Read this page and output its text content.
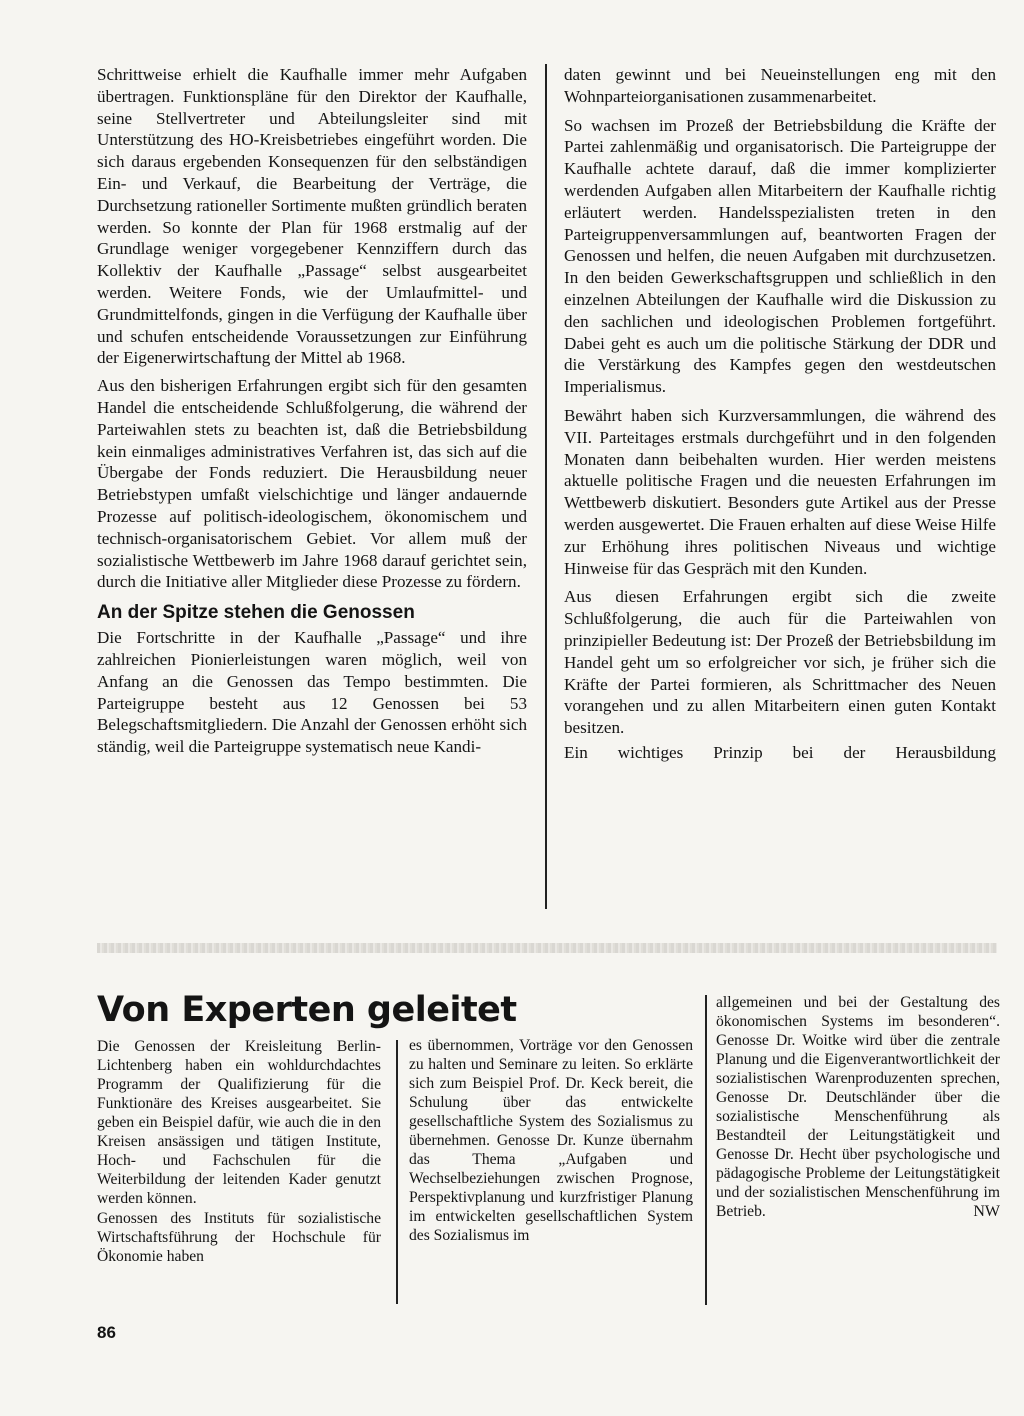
Schrittweise erhielt die Kaufhalle immer mehr Aufgaben übertragen. Funktionspläne für den Direktor der Kaufhalle, seine Stellvertreter und Abteilungsleiter sind mit Unterstützung des HO-Kreisbetriebes eingeführt worden. Die sich daraus ergebenden Konsequenzen für den selbständigen Ein- und Verkauf, die Bearbeitung der Verträge, die Durchsetzung rationeller Sortimente mußten gründlich beraten werden. So konnte der Plan für 1968 erstmalig auf der Grundlage weniger vorgegebener Kennziffern durch das Kollektiv der Kaufhalle „Passage“ selbst ausgearbeitet werden. Weitere Fonds, wie der Umlaufmittel- und Grundmittelfonds, gingen in die Verfügung der Kaufhalle über und schufen entscheidende Voraussetzungen zur Einführung der Eigenerwirtschaftung der Mittel ab 1968.

Aus den bisherigen Erfahrungen ergibt sich für den gesamten Handel die entscheidende Schlußfolgerung, die während der Parteiwahlen stets zu beachten ist, daß die Betriebsbildung kein einmaliges administratives Verfahren ist, das sich auf die Übergabe der Fonds reduziert. Die Herausbildung neuer Betriebstypen umfaßt vielschichtige und länger andauernde Prozesse auf politisch-ideologischem, ökonomischem und technisch-organisatorischem Gebiet. Vor allem muß der sozialistische Wettbewerb im Jahre 1968 darauf gerichtet sein, durch die Initiative aller Mitglieder diese Prozesse zu fördern.

An der Spitze stehen die Genossen

Die Fortschritte in der Kaufhalle „Passage“ und ihre zahlreichen Pionierleistungen waren möglich, weil von Anfang an die Genossen das Tempo bestimmten. Die Parteigruppe besteht aus 12 Genossen bei 53 Belegschaftsmitgliedern. Die Anzahl der Genossen erhöht sich ständig, weil die Parteigruppe systematisch neue Kandi-

daten gewinnt und bei Neueinstellungen eng mit den Wohnparteiorganisationen zusammenarbeitet.

So wachsen im Prozeß der Betriebsbildung die Kräfte der Partei zahlenmäßig und organisatorisch. Die Parteigruppe der Kaufhalle achtete darauf, daß die immer komplizierter werdenden Aufgaben allen Mitarbeitern der Kaufhalle richtig erläutert werden. Handelsspezialisten treten in den Parteigruppenversammlungen auf, beantworten Fragen der Genossen und helfen, die neuen Aufgaben mit durchzusetzen. In den beiden Gewerkschaftsgruppen und schließlich in den einzelnen Abteilungen der Kaufhalle wird die Diskussion zu den sachlichen und ideologischen Problemen fortgeführt. Dabei geht es auch um die politische Stärkung der DDR und die Verstärkung des Kampfes gegen den westdeutschen Imperialismus.

Bewährt haben sich Kurzversammlungen, die während des VII. Parteitages erstmals durchgeführt und in den folgenden Monaten dann beibehalten wurden. Hier werden meistens aktuelle politische Fragen und die neuesten Erfahrungen im Wettbewerb diskutiert. Besonders gute Artikel aus der Presse werden ausgewertet. Die Frauen erhalten auf diese Weise Hilfe zur Erhöhung ihres politischen Niveaus und wichtige Hinweise für das Gespräch mit den Kunden.

Aus diesen Erfahrungen ergibt sich die zweite Schlußfolgerung, die auch für die Parteiwahlen von prinzipieller Bedeutung ist: Der Prozeß der Betriebsbildung im Handel geht um so erfolgreicher vor sich, je früher sich die Kräfte der Partei formieren, als Schrittmacher des Neuen vorangehen und zu allen Mitarbeitern einen guten Kontakt besitzen.

Ein wichtiges Prinzip bei der Herausbildung

Von Experten geleitet

Die Genossen der Kreisleitung Berlin-Lichtenberg haben ein wohldurchdachtes Programm der Qualifizierung für die Funktionäre des Kreises ausgearbeitet. Sie geben ein Beispiel dafür, wie auch die in den Kreisen ansässigen und tätigen Institute, Hoch- und Fachschulen für die Weiterbildung der leitenden Kader genutzt werden können.

Genossen des Instituts für sozialistische Wirtschaftsführung der Hochschule für Ökonomie haben

es übernommen, Vorträge vor den Genossen zu halten und Seminare zu leiten. So erklärte sich zum Beispiel Prof. Dr. Keck bereit, die Schulung über das entwickelte gesellschaftliche System des Sozialismus zu übernehmen. Genosse Dr. Kunze übernahm das Thema „Aufgaben und Wechselbeziehungen zwischen Prognose, Perspektivplanung und kurzfristiger Planung im entwickelten gesellschaftlichen System des Sozialismus im

allgemeinen und bei der Gestaltung des ökonomischen Systems im besonderen“. Genosse Dr. Woitke wird über die zentrale Planung und die Eigenverantwortlichkeit der sozialistischen Warenproduzenten sprechen, Genosse Dr. Deutschländer über die sozialistische Menschenführung als Bestandteil der Leitungstätigkeit und Genosse Dr. Hecht über psychologische und pädagogische Probleme der Leitungstätigkeit und der sozialistischen Menschenführung im Betrieb.	NW
86
